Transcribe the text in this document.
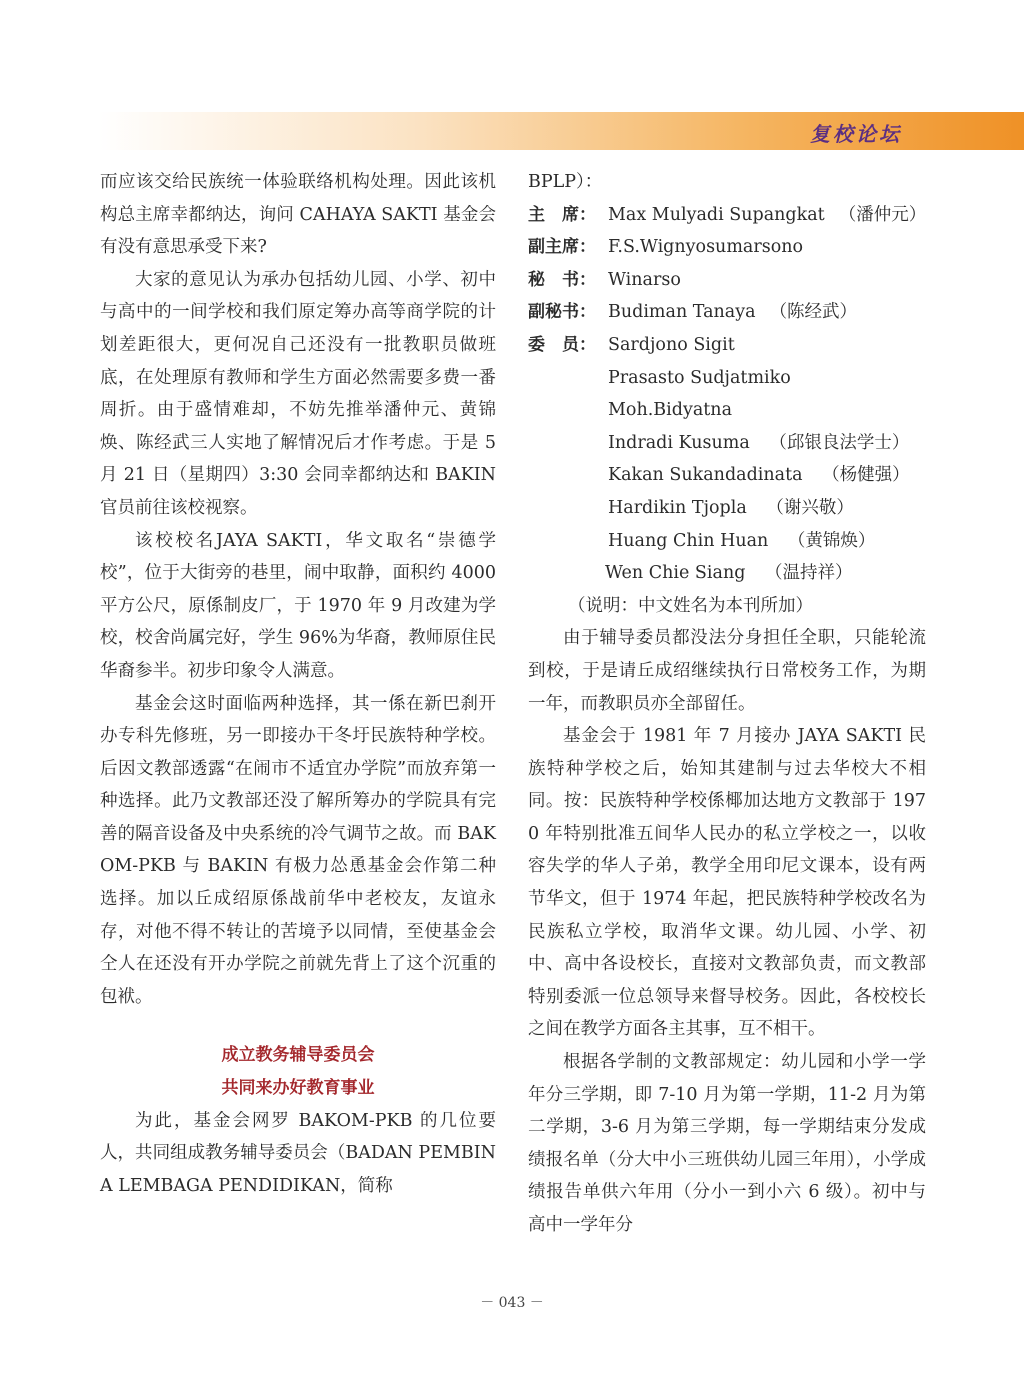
复校论坛

而应该交给民族统一体验联络机构处理。因此该机构总主席幸都纳达，询问 CAHAYA SAKTI 基金会有没有意思承受下来?

大家的意见认为承办包括幼儿园、小学、初中与高中的一间学校和我们原定筹办高等商学院的计划差距很大，更何况自己还没有一批教职员做班底，在处理原有教师和学生方面必然需要多费一番周折。由于盛情难却，不妨先推举潘仲元、黄锦焕、陈经武三人实地了解情况后才作考虑。于是 5 月 21 日（星期四）3:30 会同幸都纳达和 BAKIN 官员前往该校视察。

该校校名JAYA SAKTI，华文取名“崇德学校”，位于大街旁的巷里，闹中取静，面积约 4000 平方公尺，原係制皮厂，于 1970 年 9 月改建为学校，校舍尚属完好，学生 96%为华裔，教师原住民华裔参半。初步印象令人满意。

基金会这时面临两种选择，其一係在新巴刹开办专科先修班，另一即接办干冬圩民族特种学校。后因文教部透露“在闹市不适宜办学院”而放弃第一种选择。此乃文教部还没了解所筹办的学院具有完善的隔音设备及中央系统的冷气调节之故。而 BAKOM-PKB 与 BAKIN 有极力怂恿基金会作第二种选择。加以丘成绍原係战前华中老校友，友谊永存，对他不得不转让的苦境予以同情，至使基金会仝人在还没有开办学院之前就先背上了这个沉重的包袱。

成立教务辅导委员会

共同来办好教育事业

为此，基金会网罗 BAKOM-PKB 的几位要人，共同组成教务辅导委员会（BADAN PEMBINA LEMBAGA PENDIDIKAN，简称

BPLP）：

主　席： Max Mulyadi Supangkat （潘仲元）

副主席： F.S.Wignyosumarsono

秘　书： Winarso

副秘书： Budiman Tanaya （陈经武）

委　员： Sardjono Sigit

Prasasto Sudjatmiko

Moh.Bidyatna

Indradi Kusuma （邱银良法学士）

Kakan Sukandadinata （杨健强）

Hardikin Tjopla （谢兴敬）

Huang Chin Huan （黄锦焕）

Wen Chie Siang （温持祥）

（说明：中文姓名为本刊所加）

由于辅导委员都没法分身担任全职，只能轮流到校，于是请丘成绍继续执行日常校务工作，为期一年，而教职员亦全部留任。

基金会于 1981 年 7 月接办 JAYA SAKTI 民族特种学校之后，始知其建制与过去华校大不相同。按：民族特种学校係椰加达地方文教部于 1970 年特别批准五间华人民办的私立学校之一，以收容失学的华人子弟，教学全用印尼文课本，设有两节华文，但于 1974 年起，把民族特种学校改名为民族私立学校，取消华文课。幼儿园、小学、初中、高中各设校长，直接对文教部负责，而文教部特别委派一位总领导来督导校务。因此，各校校长之间在教学方面各主其事，互不相干。

根据各学制的文教部规定：幼儿园和小学一学年分三学期，即 7-10 月为第一学期，11-2 月为第二学期，3-6 月为第三学期，每一学期结束分发成绩报名单（分大中小三班供幼儿园三年用），小学成绩报告单供六年用（分小一到小六 6 级）。初中与高中一学年分

－ 043 －
